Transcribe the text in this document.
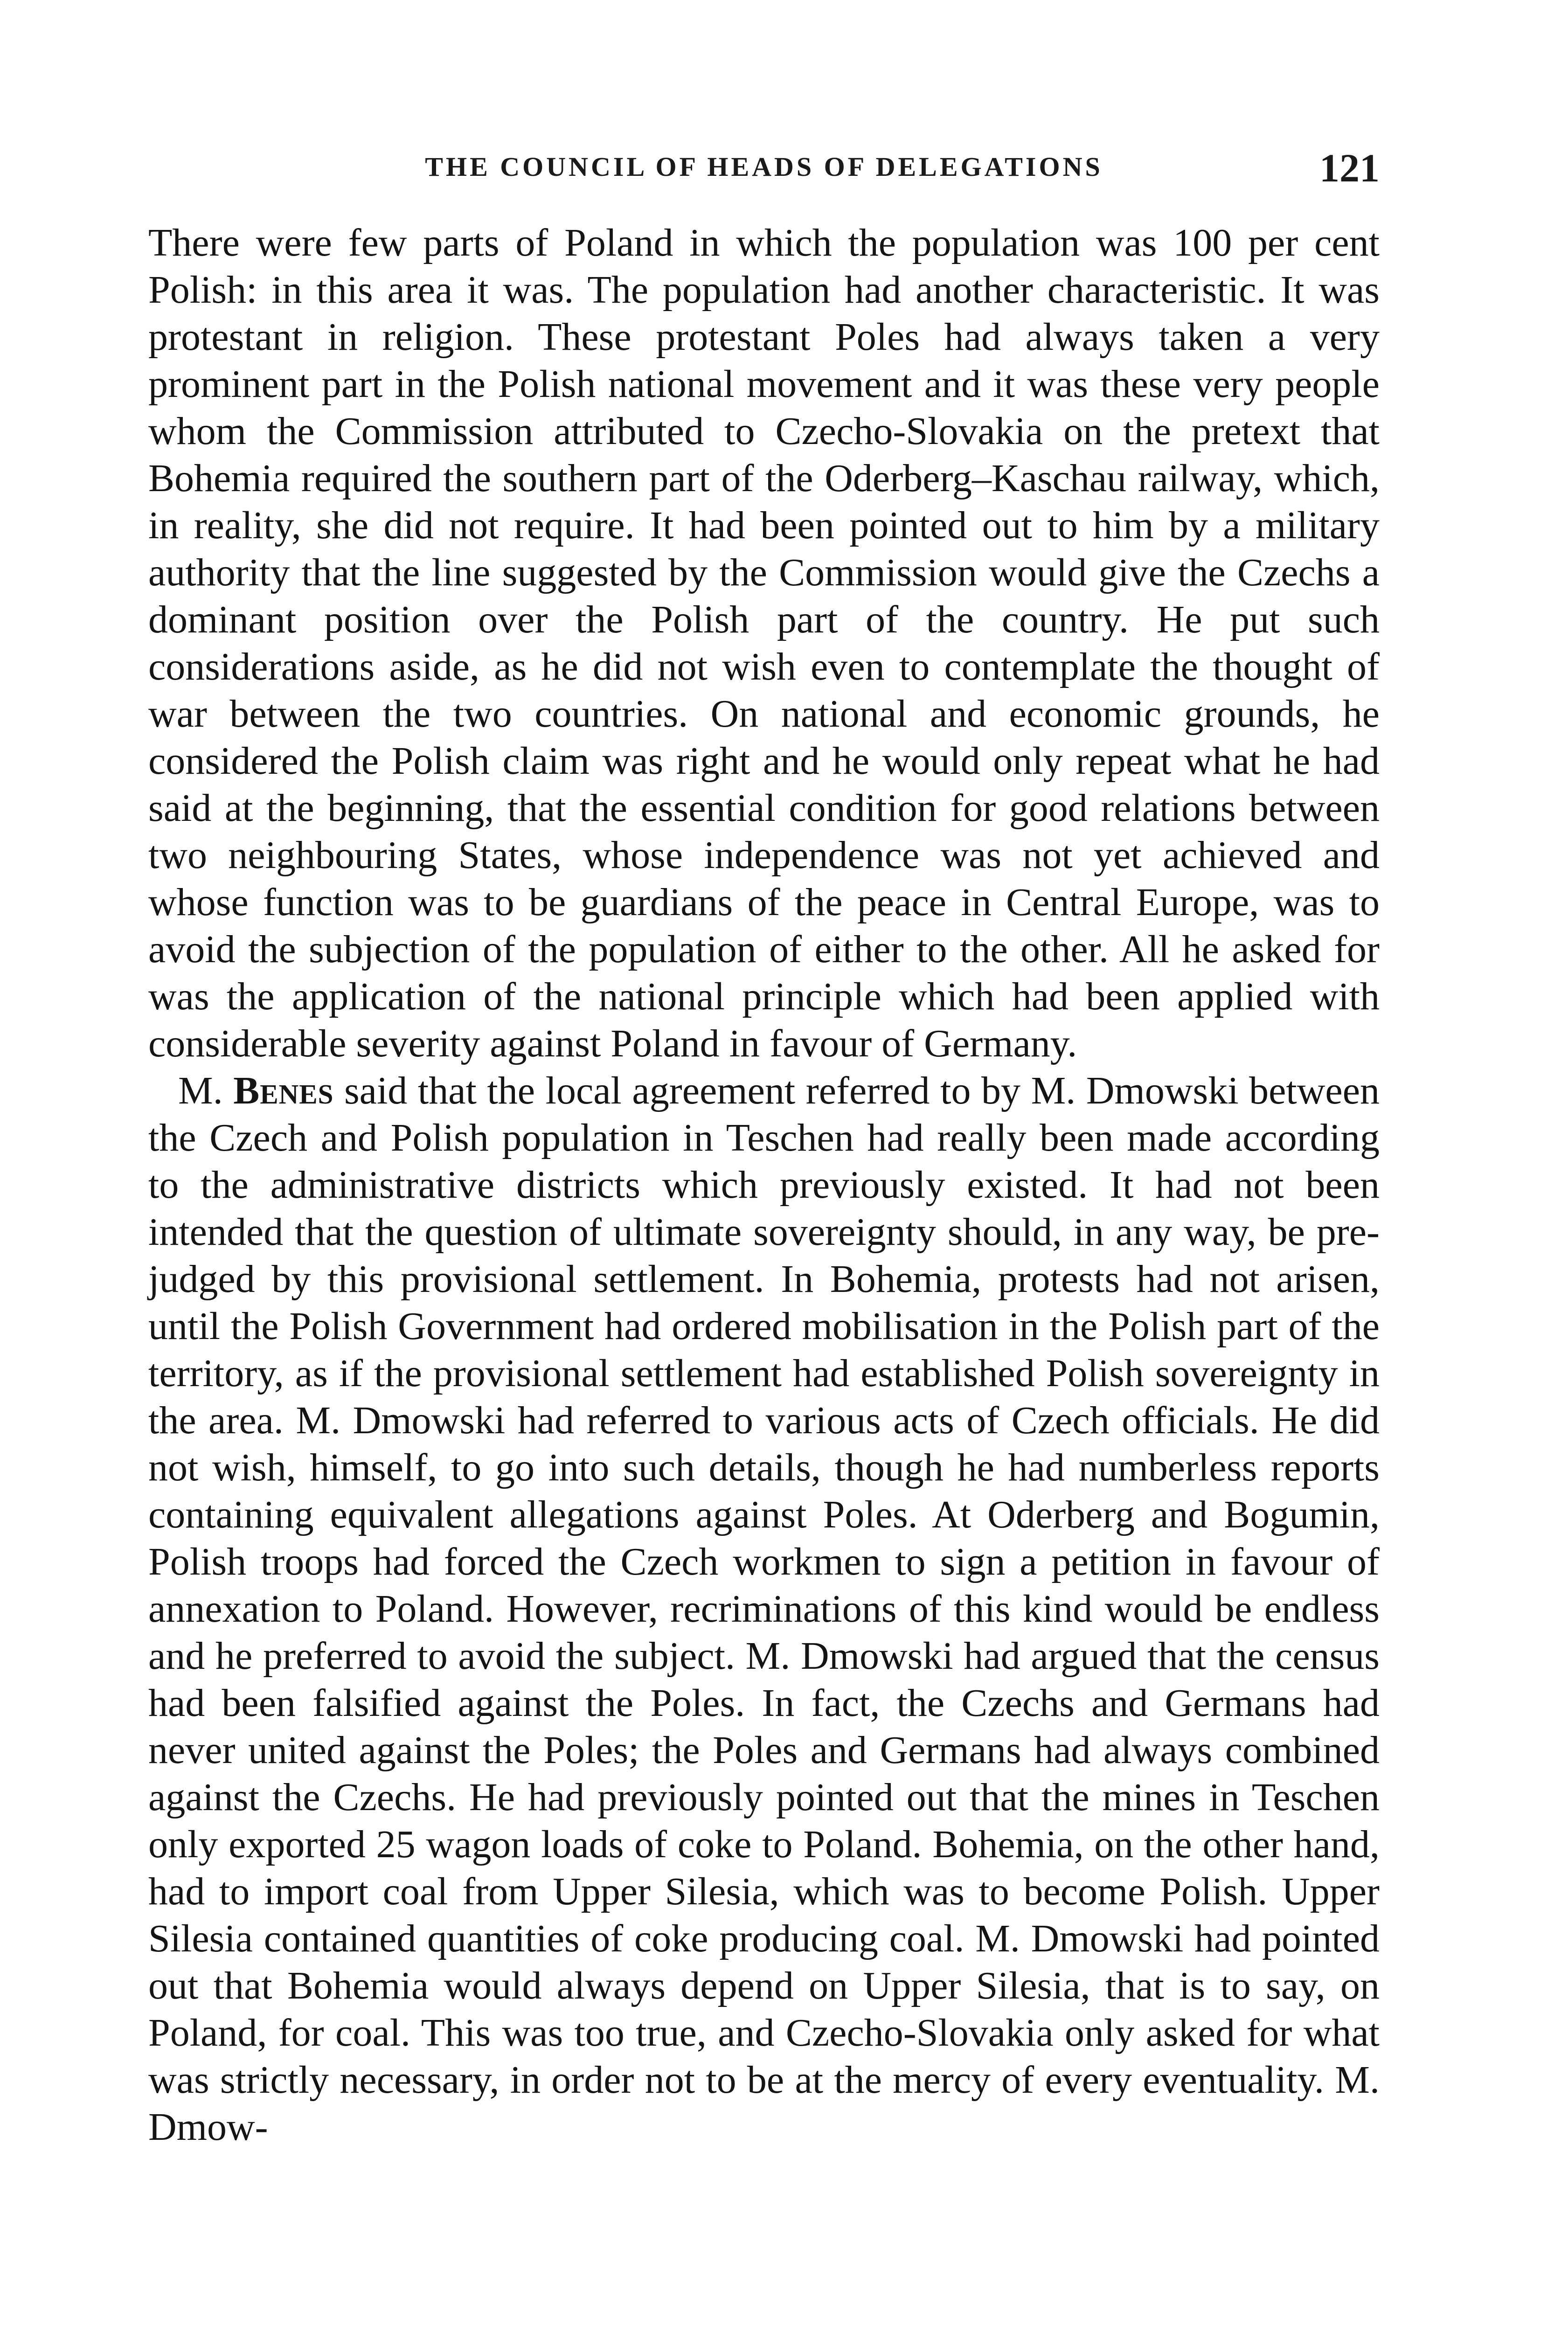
THE COUNCIL OF HEADS OF DELEGATIONS	121

There were few parts of Poland in which the population was 100 per cent Polish: in this area it was. The population had another characteristic. It was protestant in religion. These protestant Poles had always taken a very prominent part in the Polish national movement and it was these very people whom the Commission attributed to Czecho-Slovakia on the pretext that Bohemia required the southern part of the Oderberg–Kaschau railway, which, in reality, she did not require. It had been pointed out to him by a military authority that the line suggested by the Commission would give the Czechs a dominant position over the Polish part of the country. He put such considerations aside, as he did not wish even to contemplate the thought of war between the two countries. On national and economic grounds, he considered the Polish claim was right and he would only repeat what he had said at the beginning, that the essential condition for good relations between two neighbouring States, whose independence was not yet achieved and whose function was to be guardians of the peace in Central Europe, was to avoid the subjection of the population of either to the other. All he asked for was the application of the national principle which had been applied with considerable severity against Poland in favour of Germany.

M. Benes said that the local agreement referred to by M. Dmowski between the Czech and Polish population in Teschen had really been made according to the administrative districts which previously existed. It had not been intended that the question of ultimate sovereignty should, in any way, be pre-judged by this provisional settlement. In Bohemia, protests had not arisen, until the Polish Government had ordered mobilisation in the Polish part of the territory, as if the provisional settlement had established Polish sovereignty in the area. M. Dmowski had referred to various acts of Czech officials. He did not wish, himself, to go into such details, though he had numberless reports containing equivalent allegations against Poles. At Oderberg and Bogumin, Polish troops had forced the Czech workmen to sign a petition in favour of annexation to Poland. However, recriminations of this kind would be endless and he preferred to avoid the subject. M. Dmowski had argued that the census had been falsified against the Poles. In fact, the Czechs and Germans had never united against the Poles; the Poles and Germans had always combined against the Czechs. He had previously pointed out that the mines in Teschen only exported 25 wagon loads of coke to Poland. Bohemia, on the other hand, had to import coal from Upper Silesia, which was to become Polish. Upper Silesia contained quantities of coke producing coal. M. Dmowski had pointed out that Bohemia would always depend on Upper Silesia, that is to say, on Poland, for coal. This was too true, and Czecho-Slovakia only asked for what was strictly necessary, in order not to be at the mercy of every eventuality. M. Dmow-
